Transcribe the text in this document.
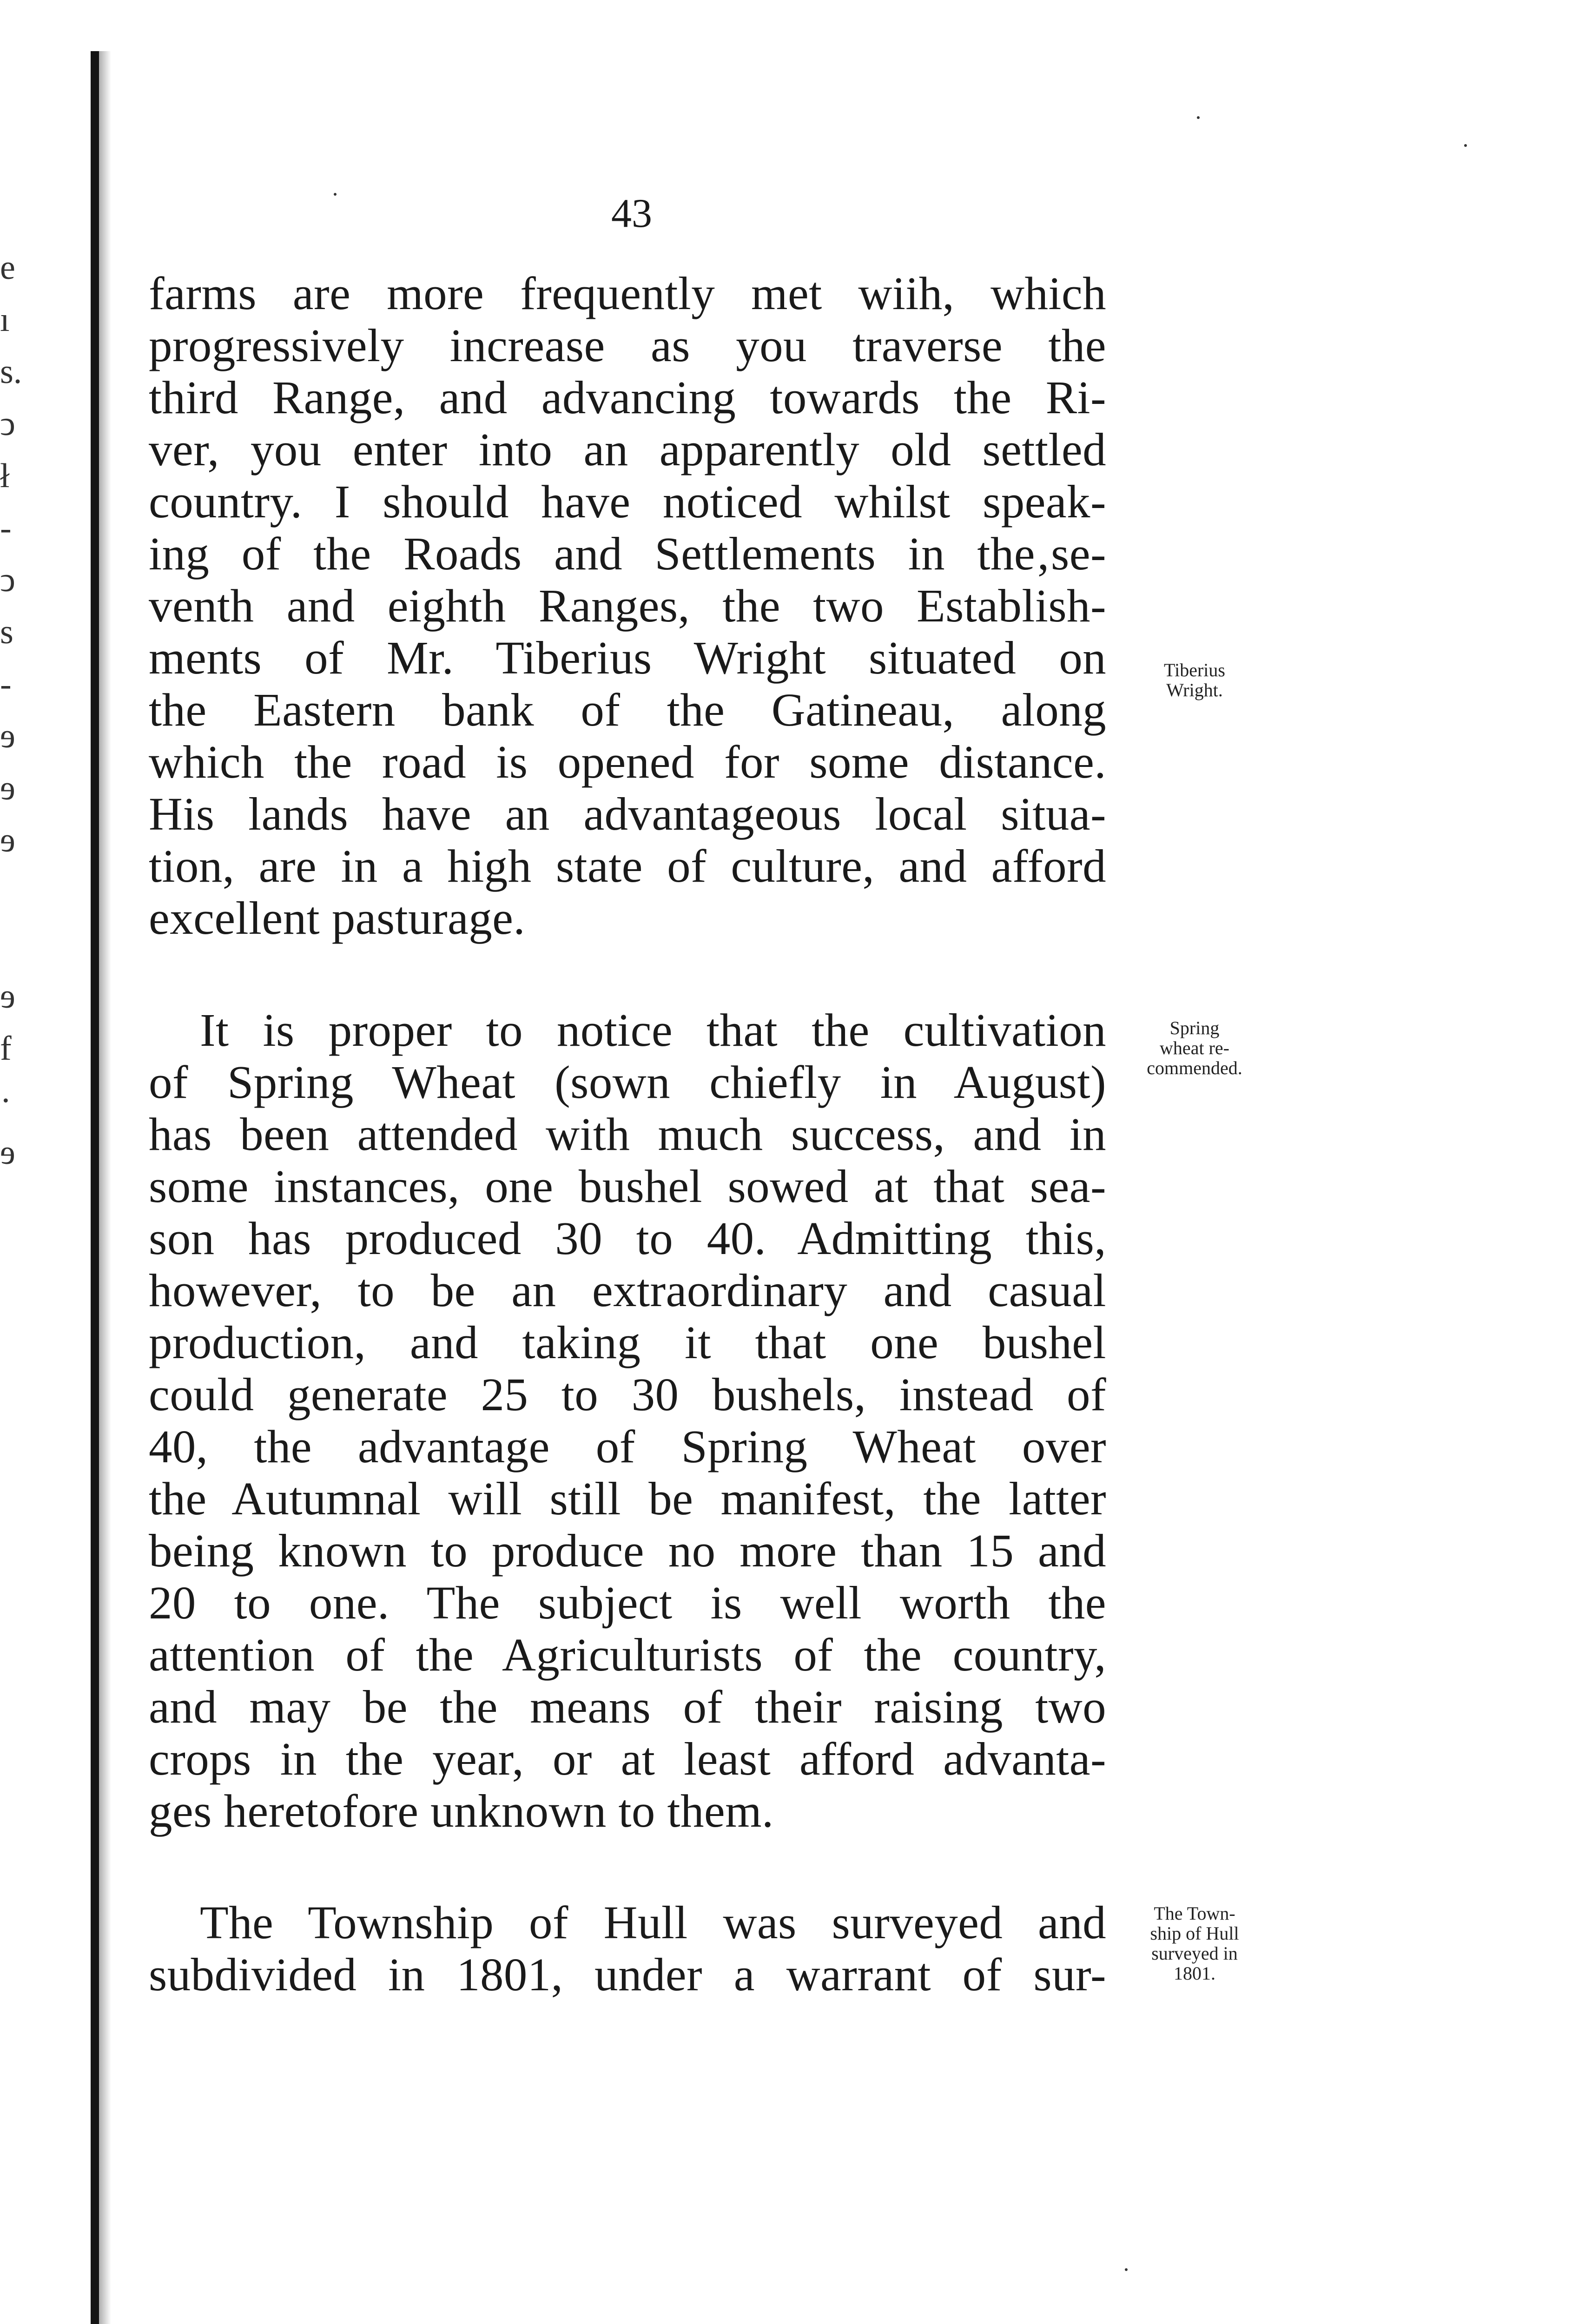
e
ı
s.
ↄ
ł
-
ↄ
s
-
ɘ
ɘ
ɘ
ɘ
f
·
ɘ
43
farms are more frequently met wiih, which
progressively increase as you traverse the
third Range, and advancing towards the Ri-
ver, you enter into an apparently old settled
country. I should have noticed whilst speak-
ing of the Roads and Settlements in the‚se-
venth and eighth Ranges, the two Establish-
ments of Mr. Tiberius Wright situated on
the Eastern bank of the Gatineau, along
which the road is opened for some distance.
His lands have an advantageous local situa-
tion, are in a high state of culture, and afford
excellent pasturage.
It is proper to notice that the cultivation
of Spring Wheat (sown chiefly in August)
has been attended with much success, and in
some instances, one bushel sowed at that sea-
son has produced 30 to 40. Admitting this,
however, to be an extraordinary and casual
production, and taking it that one bushel
could generate 25 to 30 bushels, instead of
40, the advantage of Spring Wheat over
the Autumnal will still be manifest, the latter
being known to produce no more than 15 and
20 to one. The subject is well worth the
attention of the Agriculturists of the country,
and may be the means of their raising two
crops in the year, or at least afford advanta-
ges heretofore unknown to them.
The Township of Hull was surveyed and
subdivided in 1801, under a warrant of sur-
Tiberius
Wright.
Spring
wheat re-
commended.
The Town-
ship of Hull
surveyed in
1801.
